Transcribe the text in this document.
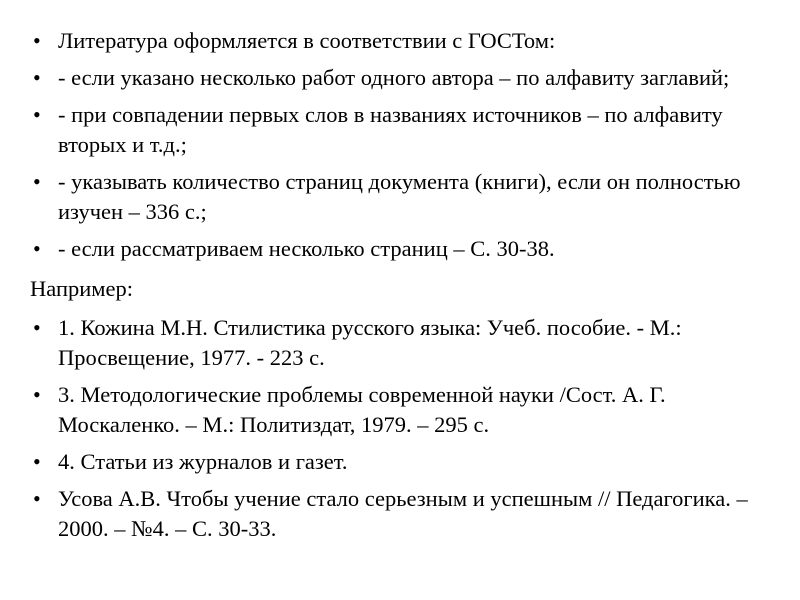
• Литература оформляется в соответствии с ГОСТом:
• - если указано несколько работ одного автора – по алфавиту заглавий;
• - при совпадении первых слов в названиях источников – по алфавиту вторых и т.д.;
• - указывать количество страниц документа (книги), если он полностью изучен – 336 с.;
• - если рассматриваем несколько страниц – С. 30-38.
Например:
• 1. Кожина М.Н. Стилистика русского языка: Учеб. пособие. - М.: Просвещение, 1977. - 223 с.
• 3. Методологические проблемы современной науки /Сост. А. Г. Москаленко. – М.: Политиздат, 1979. – 295 с.
• 4. Статьи из журналов и газет.
• Усова А.В. Чтобы учение стало серьезным и успешным // Педагогика. – 2000. – №4. – С. 30-33.
